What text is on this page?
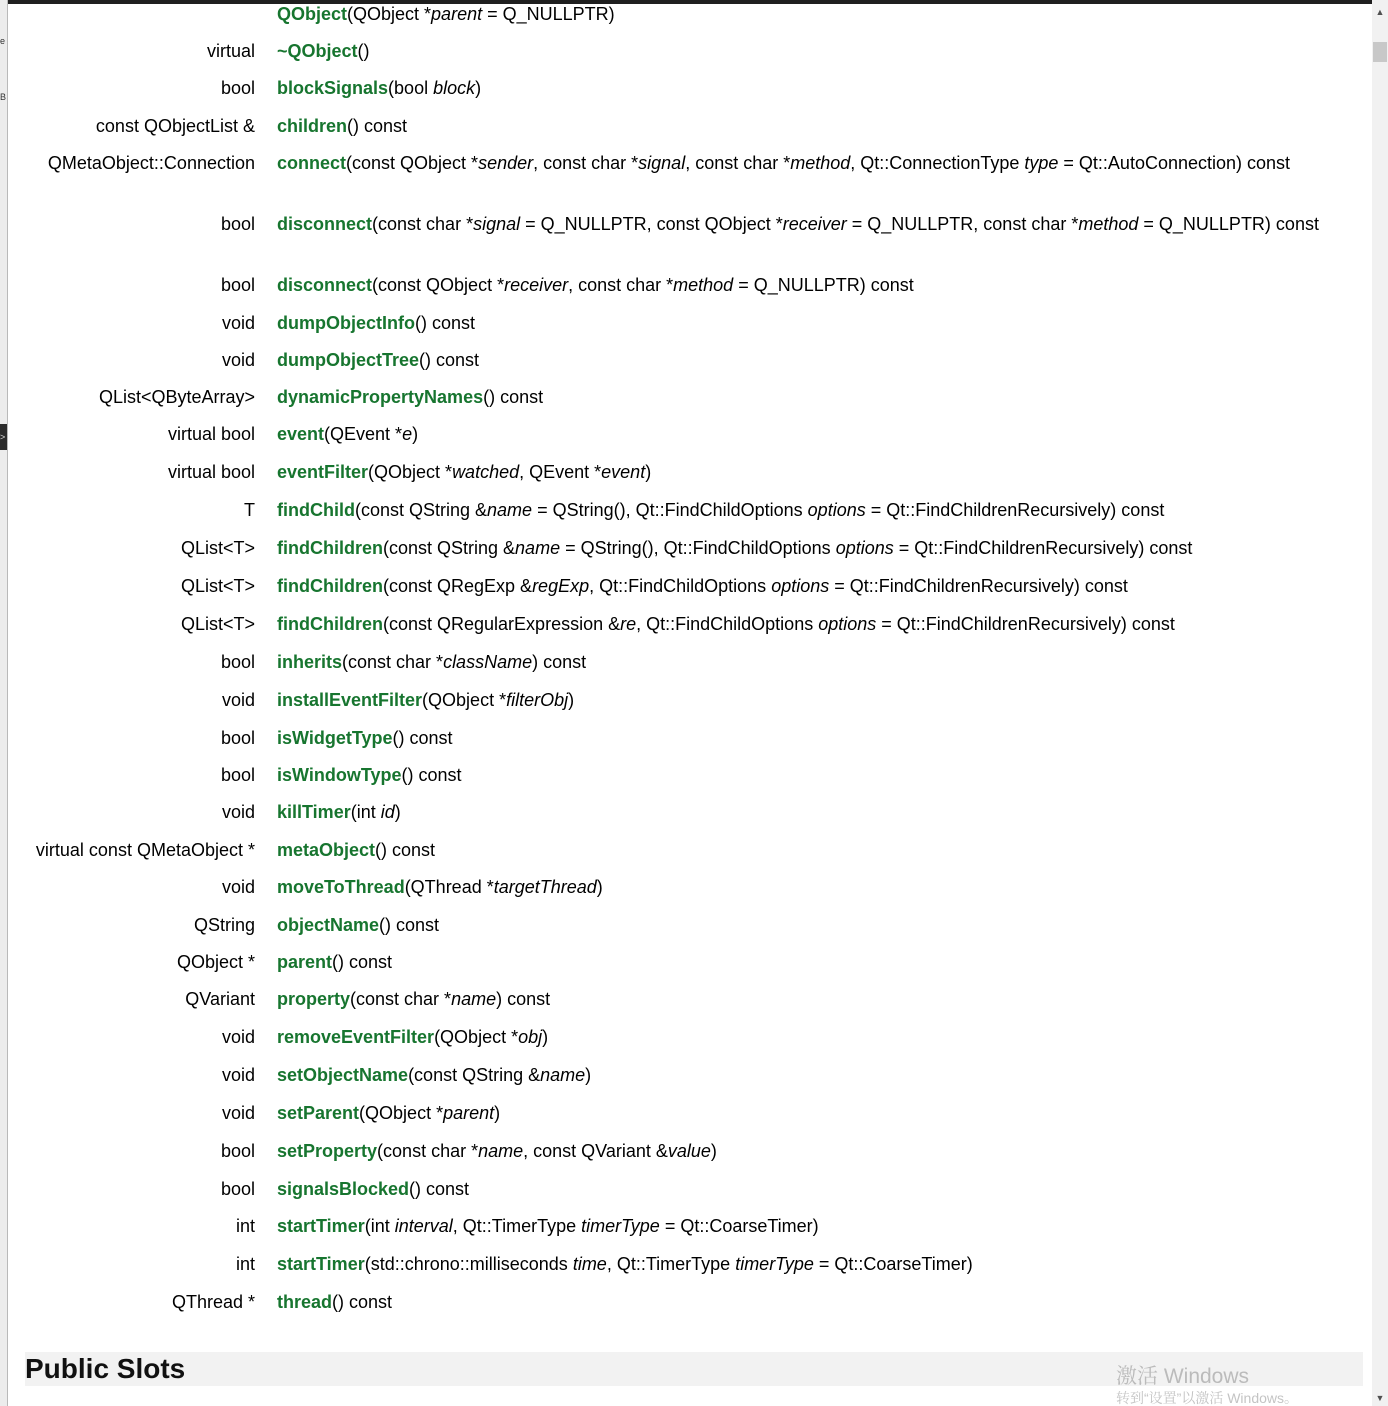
e
B
>
QObject(QObject *parent = Q_NULLPTR)
virtual ~QObject()
bool blockSignals(bool block)
const QObjectList & children() const
QMetaObject::Connection connect(const QObject *sender, const char *signal, const char *method, Qt::ConnectionType type = Qt::AutoConnection) const
bool disconnect(const char *signal = Q_NULLPTR, const QObject *receiver = Q_NULLPTR, const char *method = Q_NULLPTR) const
bool disconnect(const QObject *receiver, const char *method = Q_NULLPTR) const
void dumpObjectInfo() const
void dumpObjectTree() const
QList<QByteArray> dynamicPropertyNames() const
virtual bool event(QEvent *e)
virtual bool eventFilter(QObject *watched, QEvent *event)
T findChild(const QString &name = QString(), Qt::FindChildOptions options = Qt::FindChildrenRecursively) const
QList<T> findChildren(const QString &name = QString(), Qt::FindChildOptions options = Qt::FindChildrenRecursively) const
QList<T> findChildren(const QRegExp &regExp, Qt::FindChildOptions options = Qt::FindChildrenRecursively) const
QList<T> findChildren(const QRegularExpression &re, Qt::FindChildOptions options = Qt::FindChildrenRecursively) const
bool inherits(const char *className) const
void installEventFilter(QObject *filterObj)
bool isWidgetType() const
bool isWindowType() const
void killTimer(int id)
virtual const QMetaObject * metaObject() const
void moveToThread(QThread *targetThread)
QString objectName() const
QObject * parent() const
QVariant property(const char *name) const
void removeEventFilter(QObject *obj)
void setObjectName(const QString &name)
void setParent(QObject *parent)
bool setProperty(const char *name, const QVariant &value)
bool signalsBlocked() const
int startTimer(int interval, Qt::TimerType timerType = Qt::CoarseTimer)
int startTimer(std::chrono::milliseconds time, Qt::TimerType timerType = Qt::CoarseTimer)
QThread * thread() const
Public Slots	激活 Windows
转到“设置”以激活 Windows。
▲
▼
